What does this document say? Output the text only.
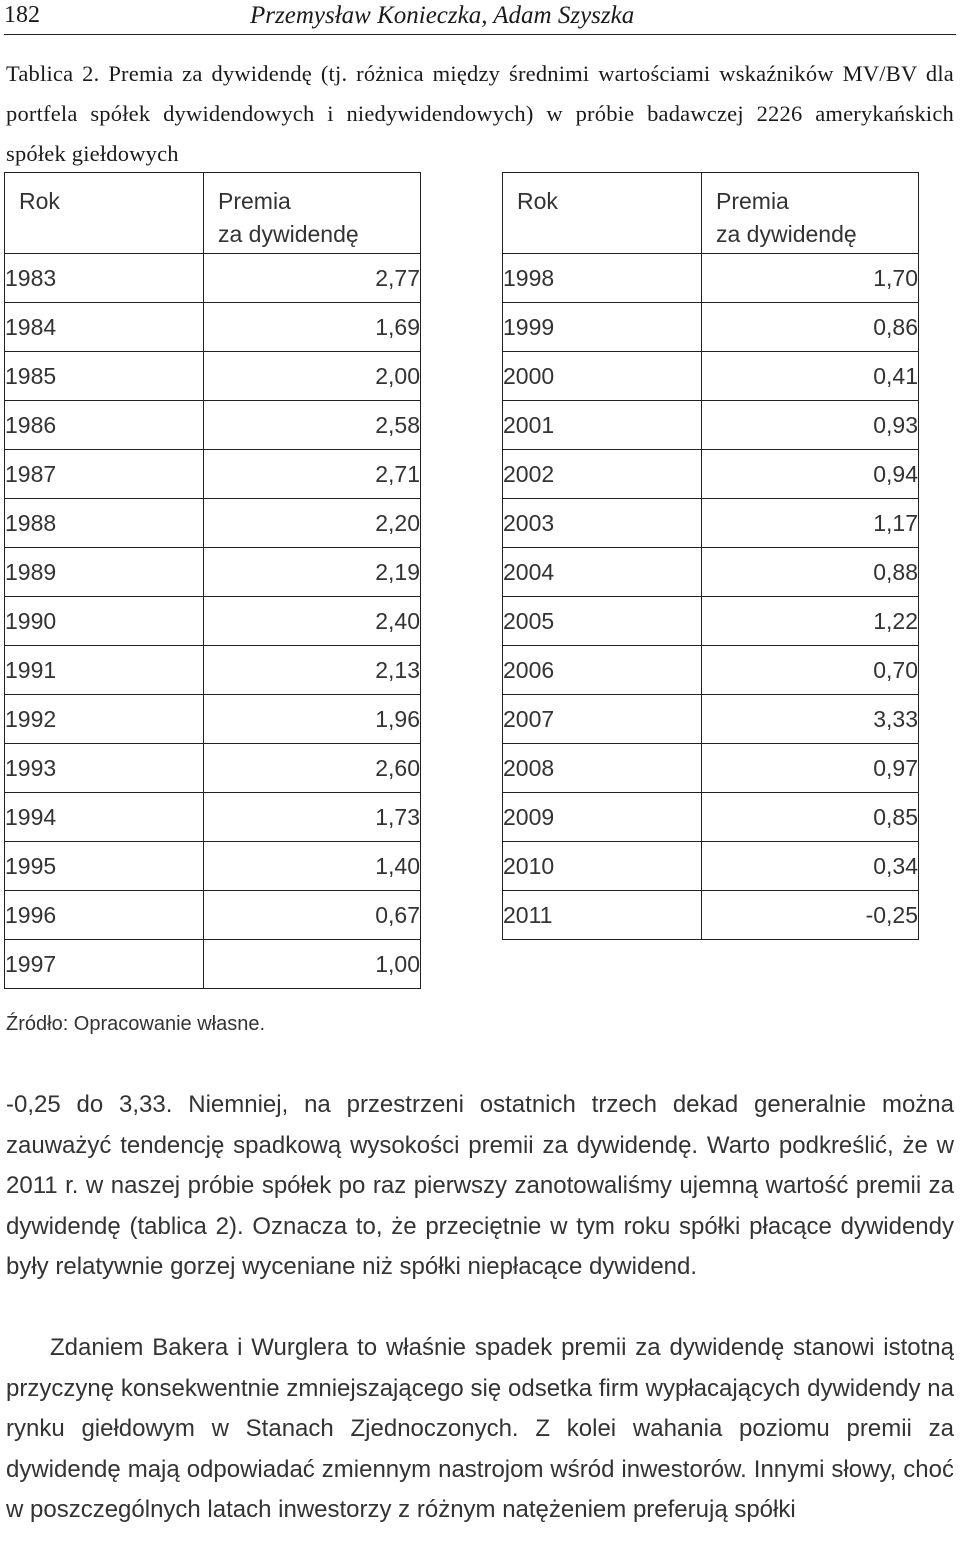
182	Przemysław Konieczka, Adam Szyszka
Tablica 2. Premia za dywidendę (tj. różnica między średnimi wartościami wskaźników MV/BV dla portfela spółek dywidendowych i niedywidendowych) w próbie badawczej 2226 amerykańskich spółek giełdowych
Rok	Premia
za dywidendę

1983	2,77
1984	1,69
1985	2,00
1986	2,58
1987	2,71
1988	2,20
1989	2,19
1990	2,40
1991	2,13
1992	1,96
1993	2,60
1994	1,73
1995	1,40
1996	0,67
1997	1,00
Rok	Premia
za dywidendę

1998	1,70
1999	0,86
2000	0,41
2001	0,93
2002	0,94
2003	1,17
2004	0,88
2005	1,22
2006	0,70
2007	3,33
2008	0,97
2009	0,85
2010	0,34
2011	-0,25
Źródło: Opracowanie własne.
-0,25 do 3,33. Niemniej, na przestrzeni ostatnich trzech dekad generalnie można zauważyć tendencję spadkową wysokości premii za dywidendę. Warto podkreślić, że w 2011 r. w naszej próbie spółek po raz pierwszy zanotowaliśmy ujemną wartość premii za dywidendę (tablica 2). Oznacza to, że przeciętnie w tym roku spółki płacące dywidendy były relatywnie gorzej wyceniane niż spółki niepłacące dywidend.
Zdaniem Bakera i Wurglera to właśnie spadek premii za dywidendę stanowi istotną przyczynę konsekwentnie zmniejszającego się odsetka firm wypłacających dywidendy na rynku giełdowym w Stanach Zjednoczonych. Z kolei wahania poziomu premii za dywidendę mają odpowiadać zmiennym nastrojom wśród inwestorów. Innymi słowy, choć w poszczególnych latach inwestorzy z różnym natężeniem preferują spółki
